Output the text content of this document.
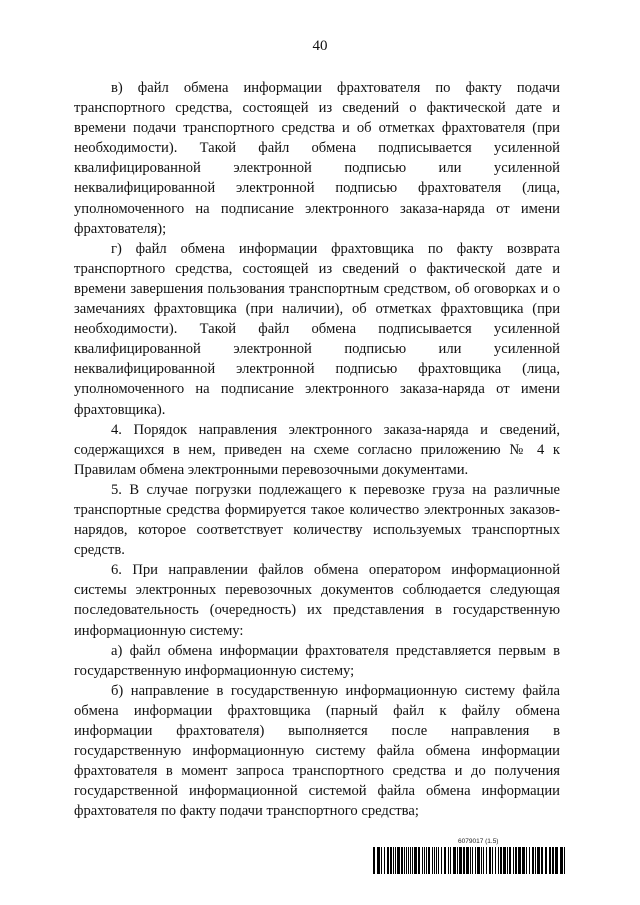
40

в) файл обмена информации фрахтователя по факту подачи транспортного средства, состоящей из сведений о фактической дате и времени подачи транспортного средства и об отметках фрахтователя (при необходимости). Такой файл обмена подписывается усиленной квалифицированной электронной подписью или усиленной неквалифицированной электронной подписью фрахтователя (лица, уполномоченного на подписание электронного заказа-наряда от имени фрахтователя);

г) файл обмена информации фрахтовщика по факту возврата транспортного средства, состоящей из сведений о фактической дате и времени завершения пользования транспортным средством, об оговорках и о замечаниях фрахтовщика (при наличии), об отметках фрахтовщика (при необходимости). Такой файл обмена подписывается усиленной квалифицированной электронной подписью или усиленной неквалифицированной электронной подписью фрахтовщика (лица, уполномоченного на подписание электронного заказа-наряда от имени фрахтовщика).

4. Порядок направления электронного заказа-наряда и сведений, содержащихся в нем, приведен на схеме согласно приложению № 4 к Правилам обмена электронными перевозочными документами.

5. В случае погрузки подлежащего к перевозке груза на различные транспортные средства формируется такое количество электронных заказов-нарядов, которое соответствует количеству используемых транспортных средств.

6. При направлении файлов обмена оператором информационной системы электронных перевозочных документов соблюдается следующая последовательность (очередность) их представления в государственную информационную систему:

а) файл обмена информации фрахтователя представляется первым в государственную информационную систему;

б) направление в государственную информационную систему файла обмена информации фрахтовщика (парный файл к файлу обмена информации фрахтователя) выполняется после направления в государственную информационную систему файла обмена информации фрахтователя в момент запроса транспортного средства и до получения государственной информационной системой файла обмена информации фрахтователя по факту подачи транспортного средства;

6079017 (1.5)
